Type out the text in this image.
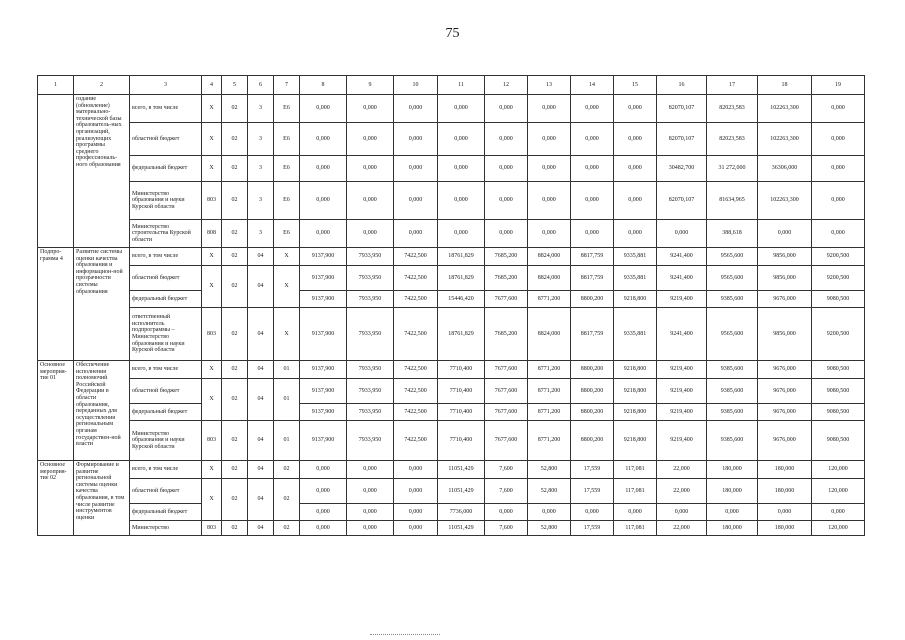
75
1	2	3	4	5	6	7	8	9	10	11	12	13	14	15	16	17	18	19
	оздание (обновление) материально-технической базы образователь-ных организаций, реализующих программы среднего профессиональ-ного образования	всего, в том числе	Х	02	3	Е6	0,000	0,000	0,000	0,000	0,000	0,000	0,000	0,000	82070,107	82023,583	102263,300	0,000
		областной бюджет	Х	02	3	Е6	0,000	0,000	0,000	0,000	0,000	0,000	0,000	0,000	82070,107	82023,583	102263,300	0,000
		федеральный бюджет	Х	02	3	Е6	0,000	0,000	0,000	0,000	0,000	0,000	0,000	0,000	30482,700	31 272,000	36306,000	0,000
		Министерство образования и науки Курской области	803	02	3	Е6	0,000	0,000	0,000	0,000	0,000	0,000	0,000	0,000	82070,107	81634,965	102263,300	0,000
		Министерство строительства Курской области	808	02	3	Е6	0,000	0,000	0,000	0,000	0,000	0,000	0,000	0,000	0,000	388,618	0,000	0,000
Подпро-грамма 4	Развитие системы оценки качества образования и информацион-ной прозрачности системы образования	всего, в том числе	Х	02	04	Х	9137,900	7933,950	7422,500	18761,829	7685,200	8824,000	8817,759	9335,881	9241,400	9565,600	9856,000	9200,500
		областной бюджет	Х	02	04	Х	9137,900	7933,950	7422,500	18761,829	7685,200	8824,000	8817,759	9335,881	9241,400	9565,600	9856,000	9200,500
		федеральный бюджет					9137,900	7933,950	7422,500	15446,420	7677,600	8771,200	8800,200	9218,800	9219,400	9385,600	9676,000	9080,500
		ответственный исполнитель подпрограммы – Министерство образования и науки Курской области	803	02	04	Х	9137,900	7933,950	7422,500	18761,829	7685,200	8824,000	8817,759	9335,881	9241,400	9565,600	9856,000	9200,500
Основное мероприя-тие 01	Обеспечение исполнения полномочий Российской Федерации в области образования, переданных для осуществления региональным органам государствен-ной власти	всего, в том числе	Х	02	04	01	9137,900	7933,950	7422,500	7710,400	7677,600	8771,200	8800,200	9218,800	9219,400	9385,600	9676,000	9080,500
		областной бюджет	Х	02	04	01	9137,900	7933,950	7422,500	7710,400	7677,600	8771,200	8800,200	9218,800	9219,400	9385,600	9676,000	9080,500
		федеральный бюджет					9137,900	7933,950	7422,500	7710,400	7677,600	8771,200	8800,200	9218,800	9219,400	9385,600	9676,000	9080,500
		Министерство образования и науки Курской области	803	02	04	01	9137,900	7933,950	7422,500	7710,400	7677,600	8771,200	8800,200	9218,800	9219,400	9385,600	9676,000	9080,500
Основное мероприя-тие 02	Формирование и развитие региональной системы оценки качества образования, в том числе развитие инструментов оценки	всего, в том числе	Х	02	04	02	0,000	0,000	0,000	11051,429	7,600	52,800	17,559	117,081	22,000	180,000	180,000	120,000
		областной бюджет	Х	02	04	02	0,000	0,000	0,000	11051,429	7,600	52,800	17,559	117,081	22,000	180,000	180,000	120,000
		федеральный бюджет					0,000	0,000	0,000	7736,000	0,000	0,000	0,000	0,000	0,000	0,000	0,000	0,000
		Министерство	803	02	04	02	0,000	0,000	0,000	11051,429	7,600	52,800	17,559	117,081	22,000	180,000	180,000	120,000
